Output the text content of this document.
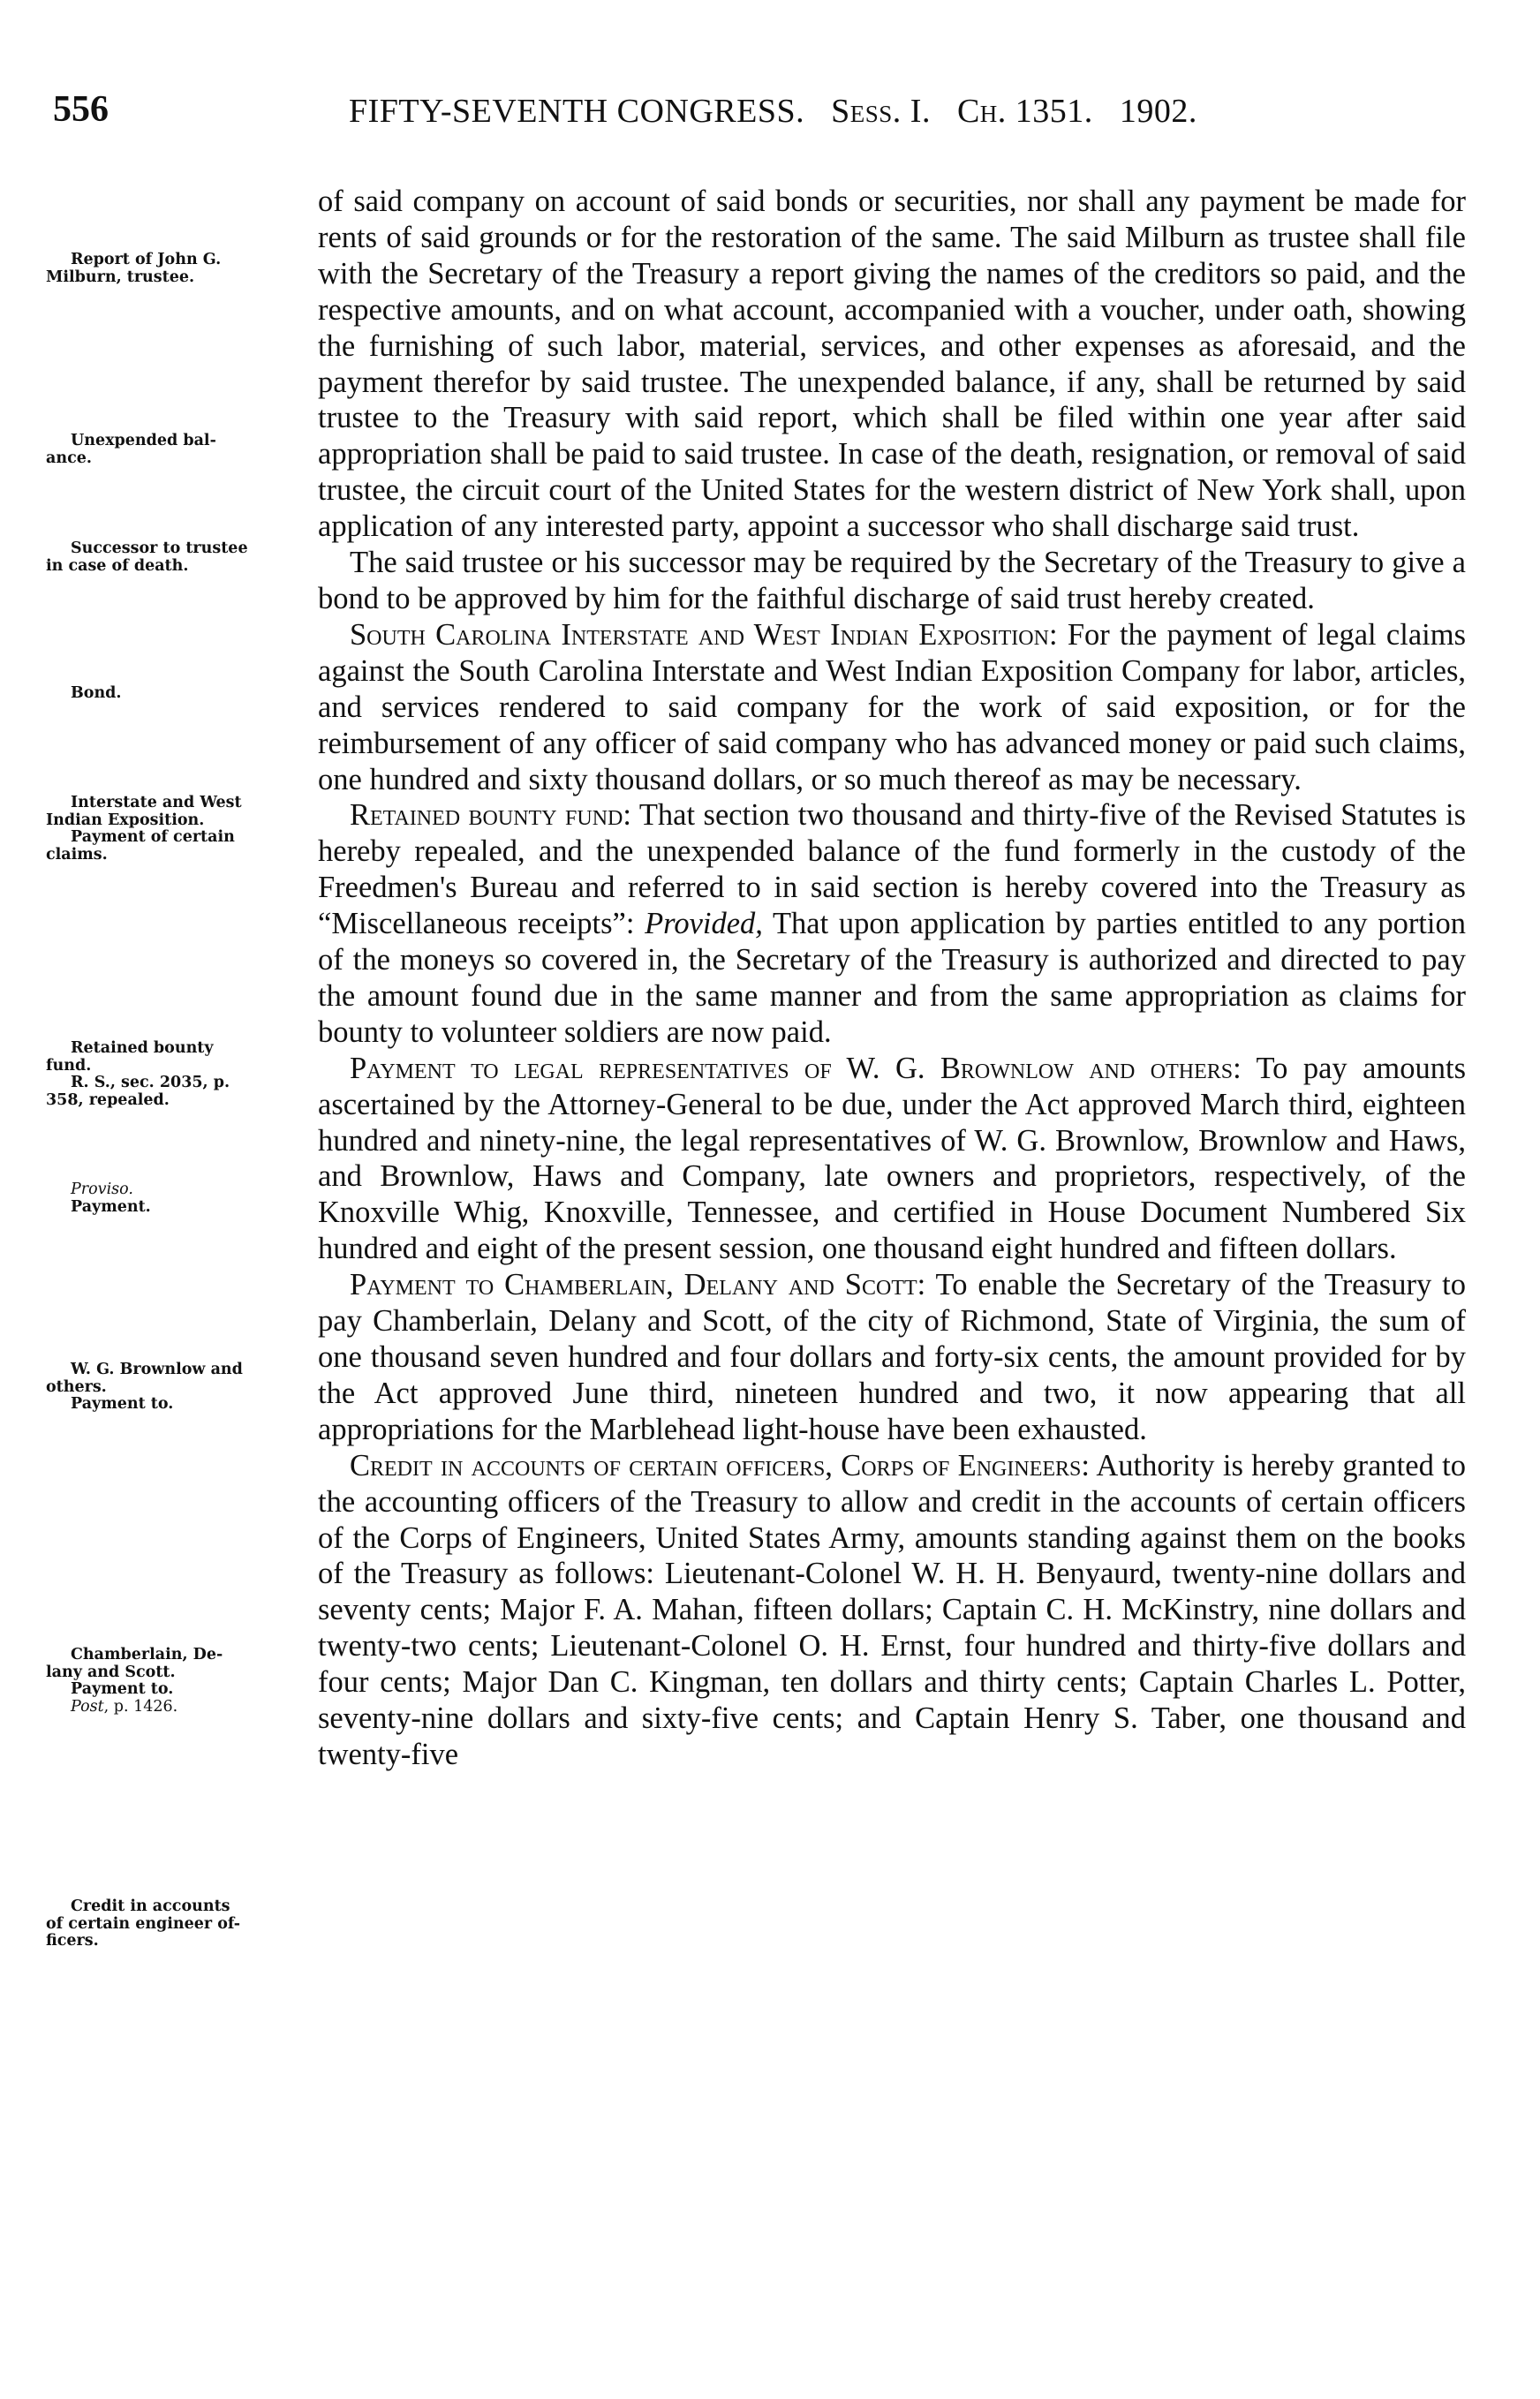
556	FIFTY-SEVENTH CONGRESS. Sess. I. Ch. 1351. 1902.
Report of John G.
Milburn, trustee.
Unexpended bal-
ance.
Successor to trustee
in case of death.
Bond.
Interstate and West
Indian Exposition.
Payment of certain
claims.
Retained bounty
fund.
R. S., sec. 2035, p.
358, repealed.
Proviso.
Payment.
W. G. Brownlow and
others.
Payment to.
Chamberlain, De-
lany and Scott.
Payment to.
Post, p. 1426.
Credit in accounts
of certain engineer of-
ficers.

of said company on account of said bonds or securities, nor shall any payment be made for rents of said grounds or for the restoration of the same. The said Milburn as trustee shall file with the Secretary of the Treasury a report giving the names of the creditors so paid, and the respective amounts, and on what account, accompanied with a voucher, under oath, showing the furnishing of such labor, material, services, and other expenses as aforesaid, and the payment therefor by said trustee. The unexpended balance, if any, shall be returned by said trustee to the Treasury with said report, which shall be filed within one year after said appropriation shall be paid to said trustee. In case of the death, resignation, or removal of said trustee, the circuit court of the United States for the western district of New York shall, upon application of any interested party, appoint a successor who shall discharge said trust.

The said trustee or his successor may be required by the Secretary of the Treasury to give a bond to be approved by him for the faithful discharge of said trust hereby created.

South Carolina Interstate and West Indian Exposition: For the payment of legal claims against the South Carolina Interstate and West Indian Exposition Company for labor, articles, and services rendered to said company for the work of said exposition, or for the reimbursement of any officer of said company who has advanced money or paid such claims, one hundred and sixty thousand dollars, or so much thereof as may be necessary.

Retained bounty fund: That section two thousand and thirty-five of the Revised Statutes is hereby repealed, and the unexpended balance of the fund formerly in the custody of the Freedmen's Bureau and referred to in said section is hereby covered into the Treasury as “Miscellaneous receipts”: Provided, That upon application by parties entitled to any portion of the moneys so covered in, the Secretary of the Treasury is authorized and directed to pay the amount found due in the same manner and from the same appropriation as claims for bounty to volunteer soldiers are now paid.

Payment to legal representatives of W. G. Brownlow and others: To pay amounts ascertained by the Attorney-General to be due, under the Act approved March third, eighteen hundred and ninety-nine, the legal representatives of W. G. Brownlow, Brownlow and Haws, and Brownlow, Haws and Company, late owners and proprietors, respectively, of the Knoxville Whig, Knoxville, Tennessee, and certified in House Document Numbered Six hundred and eight of the present session, one thousand eight hundred and fifteen dollars.

Payment to Chamberlain, Delany and Scott: To enable the Secretary of the Treasury to pay Chamberlain, Delany and Scott, of the city of Richmond, State of Virginia, the sum of one thousand seven hundred and four dollars and forty-six cents, the amount provided for by the Act approved June third, nineteen hundred and two, it now appearing that all appropriations for the Marblehead light-house have been exhausted.

Credit in accounts of certain officers, Corps of Engineers: Authority is hereby granted to the accounting officers of the Treasury to allow and credit in the accounts of certain officers of the Corps of Engineers, United States Army, amounts standing against them on the books of the Treasury as follows: Lieutenant-Colonel W. H. H. Benyaurd, twenty-nine dollars and seventy cents; Major F. A. Mahan, fifteen dollars; Captain C. H. McKinstry, nine dollars and twenty-two cents; Lieutenant-Colonel O. H. Ernst, four hundred and thirty-five dollars and four cents; Major Dan C. Kingman, ten dollars and thirty cents; Captain Charles L. Potter, seventy-nine dollars and sixty-five cents; and Captain Henry S. Taber, one thousand and twenty-five
